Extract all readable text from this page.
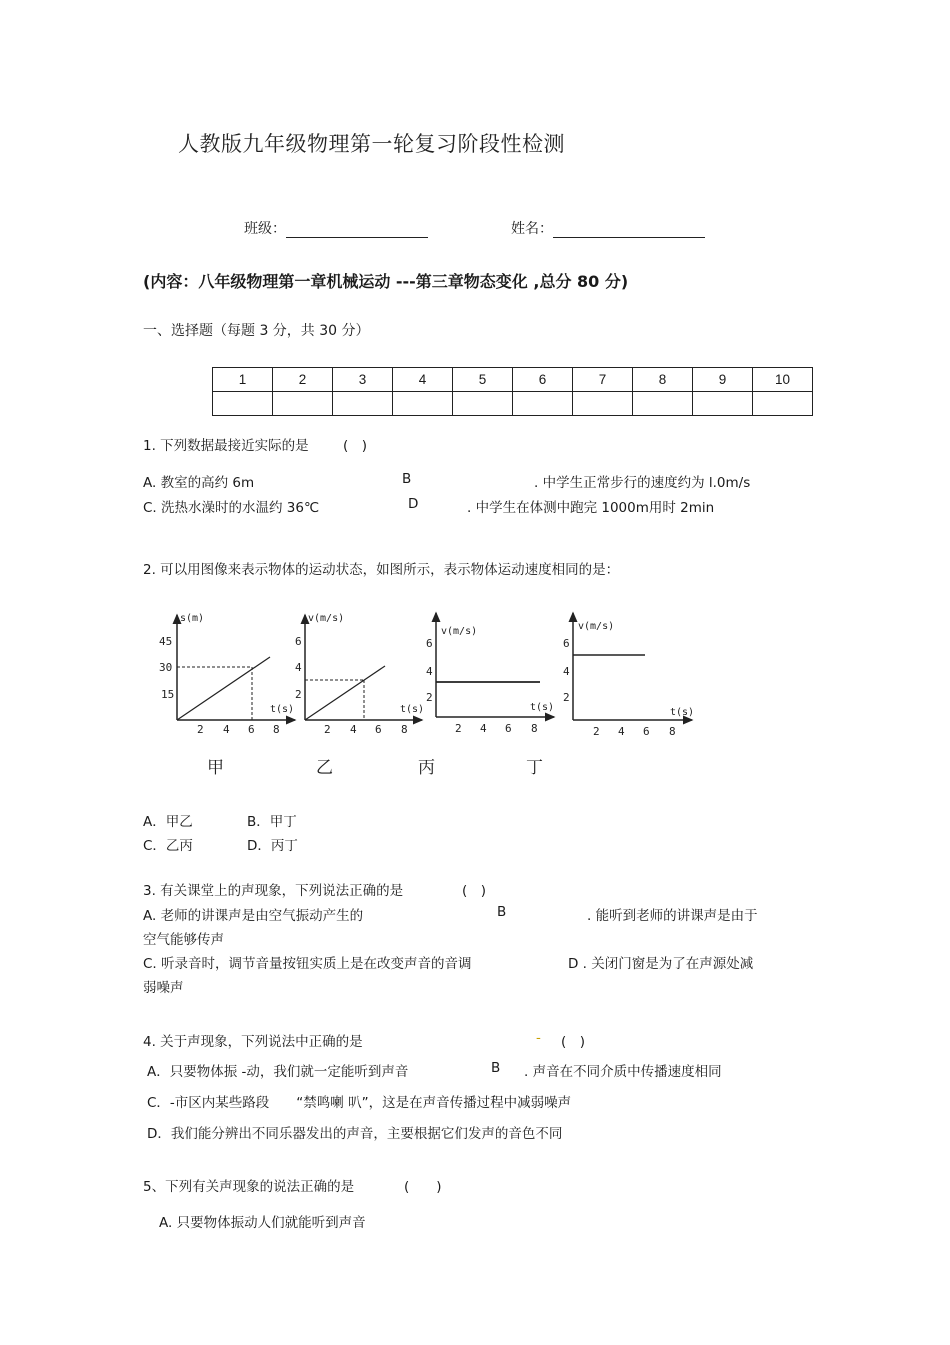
人教版九年级物理第一轮复习阶段性检测
班级：	姓名：
(内容：八年级物理第一章机械运动 ---第三章物态变化 ,总分 80 分)
一、选择题（每题 3 分，共 30 分）
1	2	3	4	5	6	7	8	9	10

1. 下列数据最接近实际的是	(　)
A. 教室的高约 6m	B	. 中学生正常步行的速度约为 l.0m/s
C. 洗热水澡时的水温约 36℃	D	. 中学生在体测中跑完 1000m用时 2min
2. 可以用图像来表示物体的运动状态，如图所示，表示物体运动速度相同的是：
s(m)
45
30
15
t(s)
2 4 6 8
v(m/s)
6
4
2
t(s)
2 4 6 8
v(m/s)
6
4
2
t(s)
2 4 6 8
v(m/s)
6
4
2
t(s)
2 4 6 8
甲	乙	丙	丁
A．甲乙	B．甲丁
C．乙丙	D．丙丁
3. 有关课堂上的声现象，下列说法正确的是	(　)
A. 老师的讲课声是由空气振动产生的	B	. 能听到老师的讲课声是由于
空气能够传声
C. 听录音时，调节音量按钮实质上是在改变声音的音调	D . 关闭门窗是为了在声源处减
弱噪声
4. 关于声现象，下列说法中正确的是	- (　)
A．只要物体振 -动，我们就一定能听到声音	B . 声音在不同介质中传播速度相同
C．-市区内某些路段　　“禁鸣喇 叭”，这是在声音传播过程中减弱噪声
D．我们能分辨出不同乐器发出的声音，主要根据它们发声的音色不同
5、下列有关声现象的说法正确的是	(　　)
A. 只要物体振动人们就能听到声音
